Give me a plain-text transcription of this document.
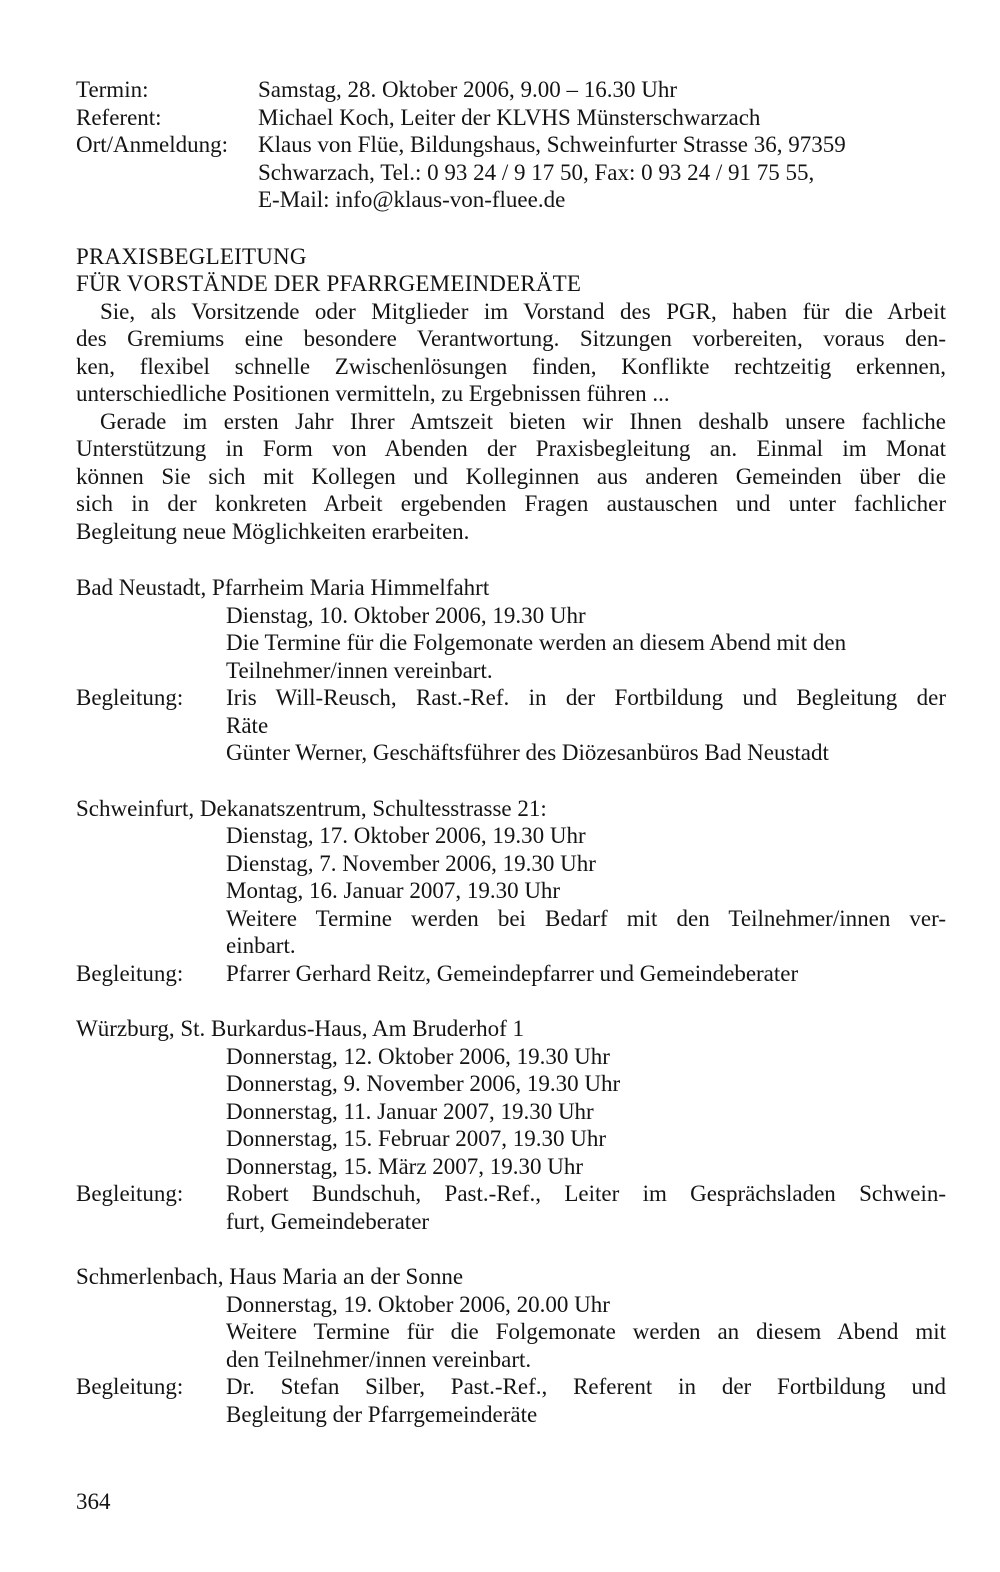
Termin:	Samstag, 28. Oktober 2006, 9.00 – 16.30 Uhr
Referent:	Michael Koch, Leiter der KLVHS Münsterschwarzach
Ort/Anmeldung:	Klaus von Flüe, Bildungshaus, Schweinfurter Strasse 36, 97359
Schwarzach, Tel.: 0 93 24 / 9 17 50, Fax: 0 93 24 / 91 75 55,
E-Mail: info@klaus-von-fluee.de
PRAXISBEGLEITUNG
FÜR VORSTÄNDE DER PFARRGEMEINDERÄTE
Sie, als Vorsitzende oder Mitglieder im Vorstand des PGR, haben für die Arbeit
des Gremiums eine besondere Verantwortung. Sitzungen vorbereiten, voraus den-
ken, flexibel schnelle Zwischenlösungen finden, Konflikte rechtzeitig erkennen,
unterschiedliche Positionen vermitteln, zu Ergebnissen führen ...
Gerade im ersten Jahr Ihrer Amtszeit bieten wir Ihnen deshalb unsere fachliche
Unterstützung in Form von Abenden der Praxisbegleitung an. Einmal im Monat
können Sie sich mit Kollegen und Kolleginnen aus anderen Gemeinden über die
sich in der konkreten Arbeit ergebenden Fragen austauschen und unter fachlicher
Begleitung neue Möglichkeiten erarbeiten.
Bad Neustadt, Pfarrheim Maria Himmelfahrt
Dienstag, 10. Oktober 2006, 19.30 Uhr
Die Termine für die Folgemonate werden an diesem Abend mit den
Teilnehmer/innen vereinbart.
Begleitung:	Iris Will-Reusch, Rast.-Ref. in der Fortbildung und Begleitung der
Räte
Günter Werner, Geschäftsführer des Diözesanbüros Bad Neustadt
Schweinfurt, Dekanatszentrum, Schultesstrasse 21:
Dienstag, 17. Oktober 2006, 19.30 Uhr
Dienstag, 7. November 2006, 19.30 Uhr
Montag, 16. Januar 2007, 19.30 Uhr
Weitere Termine werden bei Bedarf mit den Teilnehmer/innen ver-
einbart.
Begleitung:	Pfarrer Gerhard Reitz, Gemeindepfarrer und Gemeindeberater
Würzburg, St. Burkardus-Haus, Am Bruderhof 1
Donnerstag, 12. Oktober 2006, 19.30 Uhr
Donnerstag, 9. November 2006, 19.30 Uhr
Donnerstag, 11. Januar 2007, 19.30 Uhr
Donnerstag, 15. Februar 2007, 19.30 Uhr
Donnerstag, 15. März 2007, 19.30 Uhr
Begleitung:	Robert Bundschuh, Past.-Ref., Leiter im Gesprächsladen Schwein-
furt, Gemeindeberater
Schmerlenbach, Haus Maria an der Sonne
Donnerstag, 19. Oktober 2006, 20.00 Uhr
Weitere Termine für die Folgemonate werden an diesem Abend mit
den Teilnehmer/innen vereinbart.
Begleitung:	Dr. Stefan Silber, Past.-Ref., Referent in der Fortbildung und
Begleitung der Pfarrgemeinderäte
364
